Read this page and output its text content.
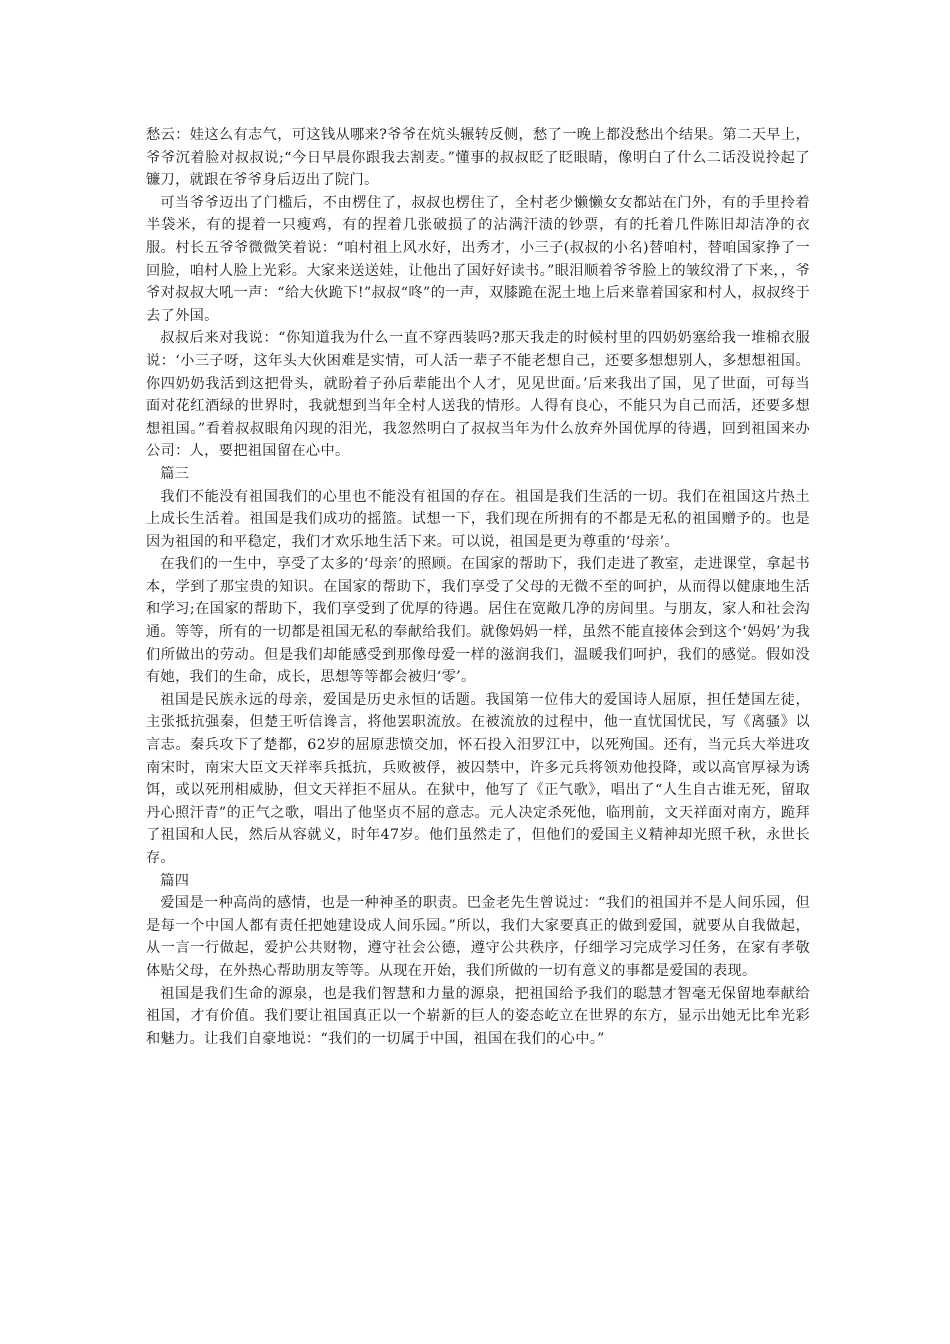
愁云：娃这么有志气，可这钱从哪来?爷爷在炕头辗转反侧，愁了一晚上都没愁出个结果。第二天早上，爷爷沉着脸对叔叔说;“今日早晨你跟我去割麦。”懂事的叔叔眨了眨眼睛，像明白了什么二话没说拎起了镰刀，就跟在爷爷身后迈出了院门。

可当爷爷迈出了门槛后，不由楞住了，叔叔也楞住了，全村老少懒懒女女都站在门外，有的手里拎着半袋米，有的提着一只瘦鸡，有的捏着几张破损了的沾满汗渍的钞票，有的托着几件陈旧却洁净的衣服。村长五爷爷微微笑着说：“咱村祖上风水好，出秀才，小三子(叔叔的小名)替咱村，替咱国家挣了一回脸，咱村人脸上光彩。大家来送送娃，让他出了国好好读书。”眼泪顺着爷爷脸上的皱纹滑了下来，，爷爷对叔叔大吼一声：“给大伙跪下!”叔叔“咚”的一声，双膝跪在泥土地上后来靠着国家和村人，叔叔终于去了外国。

叔叔后来对我说：“你知道我为什么一直不穿西装吗?那天我走的时候村里的四奶奶塞给我一堆棉衣服说：‘小三子呀，这年头大伙困难是实情，可人活一辈子不能老想自己，还要多想想别人，多想想祖国。你四奶奶我活到这把骨头，就盼着子孙后辈能出个人才，见见世面。’后来我出了国，见了世面，可每当面对花红酒绿的世界时，我就想到当年全村人送我的情形。人得有良心，不能只为自己而活，还要多想想祖国。”看着叔叔眼角闪现的泪光，我忽然明白了叔叔当年为什么放弃外国优厚的待遇，回到祖国来办公司：人，要把祖国留在心中。

篇三

我们不能没有祖国我们的心里也不能没有祖国的存在。祖国是我们生活的一切。我们在祖国这片热土上成长生活着。祖国是我们成功的摇篮。试想一下，我们现在所拥有的不都是无私的祖国赠予的。也是因为祖国的和平稳定，我们才欢乐地生活下来。可以说，祖国是更为尊重的‘母亲’。

在我们的一生中，享受了太多的‘母亲’的照顾。在国家的帮助下，我们走进了教室，走进课堂，拿起书本，学到了那宝贵的知识。在国家的帮助下，我们享受了父母的无微不至的呵护，从而得以健康地生活和学习;在国家的帮助下，我们享受到了优厚的待遇。居住在宽敞几净的房间里。与朋友，家人和社会沟通。等等，所有的一切都是祖国无私的奉献给我们。就像妈妈一样，虽然不能直接体会到这个‘妈妈’为我们所做出的劳动。但是我们却能感受到那像母爱一样的滋润我们，温暖我们呵护，我们的感觉。假如没有她，我们的生命，成长，思想等等都会被归‘零’。

祖国是民族永远的母亲，爱国是历史永恒的话题。我国第一位伟大的爱国诗人屈原，担任楚国左徒，主张抵抗强秦，但楚王听信谗言，将他罢职流放。在被流放的过程中，他一直忧国忧民，写《离骚》以言志。秦兵攻下了楚都，62岁的屈原悲愤交加，怀石投入汨罗江中，以死殉国。还有，当元兵大举进攻南宋时，南宋大臣文天祥率兵抵抗，兵败被俘，被囚禁中，许多元兵将领劝他投降，或以高官厚禄为诱饵，或以死刑相威胁，但文天祥拒不屈从。在狱中，他写了《正气歌》，唱出了“人生自古谁无死，留取丹心照汗青”的正气之歌，唱出了他坚贞不屈的意志。元人决定杀死他，临刑前，文天祥面对南方，跪拜了祖国和人民，然后从容就义，时年47岁。他们虽然走了，但他们的爱国主义精神却光照千秋，永世长存。

篇四

爱国是一种高尚的感情，也是一种神圣的职责。巴金老先生曾说过：“我们的祖国并不是人间乐园，但是每一个中国人都有责任把她建设成人间乐园。”所以，我们大家要真正的做到爱国，就要从自我做起，从一言一行做起，爱护公共财物，遵守社会公德，遵守公共秩序，仔细学习完成学习任务，在家有孝敬体贴父母，在外热心帮助朋友等等。从现在开始，我们所做的一切有意义的事都是爱国的表现。

祖国是我们生命的源泉，也是我们智慧和力量的源泉，把祖国给予我们的聪慧才智毫无保留地奉献给祖国，才有价值。我们要让祖国真正以一个崭新的巨人的姿态屹立在世界的东方，显示出她无比牟光彩和魅力。让我们自豪地说：“我们的一切属于中国，祖国在我们的心中。”
